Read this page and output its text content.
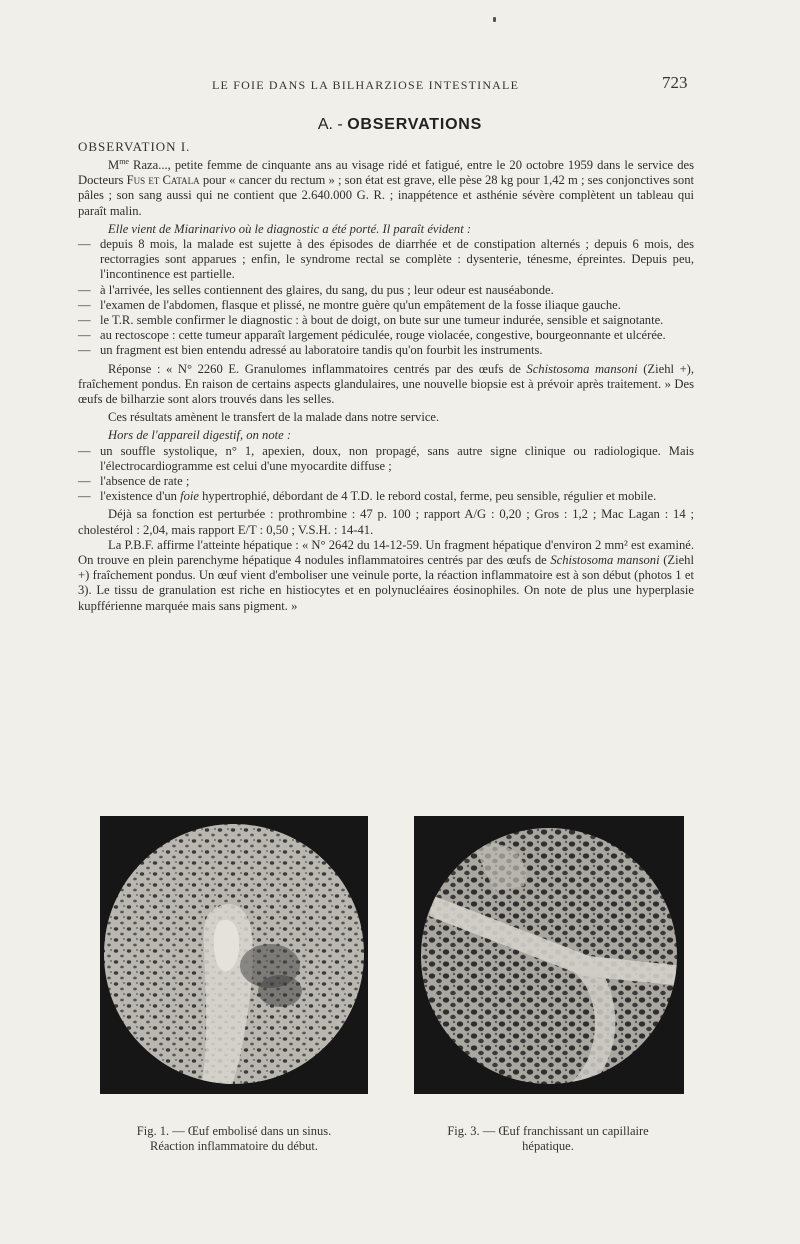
LE FOIE DANS LA BILHARZIOSE INTESTINALE	723
A. - OBSERVATIONS
OBSERVATION I.

$M^{me}$ Raza..., petite femme de cinquante ans au visage ridé et fatigué, entre le 20 octobre 1959 dans le service des Docteurs Fus et Catala pour « cancer du rectum » ; son état est grave, elle pèse 28 kg pour 1,42 m ; ses conjonctives sont pâles ; son sang aussi qui ne contient que 2.640.000 G. R. ; inappétence et asthénie sévère complètent un tableau qui paraît malin.

Elle vient de Miarinarivo où le diagnostic a été porté. Il paraît évident :

— depuis 8 mois, la malade est sujette à des épisodes de diarrhée et de constipation alternés ; depuis 6 mois, des rectorragies sont apparues ; enfin, le syndrome rectal se complète : dysenterie, ténesme, épreintes. Depuis peu, l'incontinence est partielle.
— à l'arrivée, les selles contiennent des glaires, du sang, du pus ; leur odeur est nauséabonde.
— l'examen de l'abdomen, flasque et plissé, ne montre guère qu'un empâtement de la fosse iliaque gauche.
— le T.R. semble confirmer le diagnostic : à bout de doigt, on bute sur une tumeur indurée, sensible et saignotante.
— au rectoscope : cette tumeur apparaît largement pédiculée, rouge violacée, congestive, bourgeonnante et ulcérée.
— un fragment est bien entendu adressé au laboratoire tandis qu'on fourbit les instruments.

Réponse : « N° 2260 E. Granulomes inflammatoires centrés par des œufs de Schistosoma mansoni (Ziehl +), fraîchement pondus. En raison de certains aspects glandulaires, une nouvelle biopsie est à prévoir après traitement. » Des œufs de bilharzie sont alors trouvés dans les selles.

Ces résultats amènent le transfert de la malade dans notre service.

Hors de l'appareil digestif, on note :

— un souffle systolique, n° 1, apexien, doux, non propagé, sans autre signe clinique ou radiologique. Mais l'électrocardiogramme est celui d'une myocardite diffuse ;
— l'absence de rate ;
— l'existence d'un foie hypertrophié, débordant de 4 T.D. le rebord costal, ferme, peu sensible, régulier et mobile.

Déjà sa fonction est perturbée : prothrombine : 47 p. 100 ; rapport A/G : 0,20 ; Gros : 1,2 ; Mac Lagan : 14 ; cholestérol : 2,04, mais rapport E/T : 0,50 ; V.S.H. : 14-41.

La P.B.F. affirme l'atteinte hépatique : « N° 2642 du 14-12-59. Un fragment hépatique d'environ 2 mm² est examiné. On trouve en plein parenchyme hépatique 4 nodules inflammatoires centrés par des œufs de Schistosoma mansoni (Ziehl +) fraîchement pondus. Un œuf vient d'emboliser une veinule porte, la réaction inflammatoire est à son début (photos 1 et 3). Le tissu de granulation est riche en histiocytes et en polynucléaires éosinophiles. On note de plus une hyperplasie kupfférienne marquée mais sans pigment. »

Fig. 1. — Œuf embolisé dans un sinus.
Réaction inflammatoire du début.
Fig. 3. — Œuf franchissant un capillaire
hépatique.
